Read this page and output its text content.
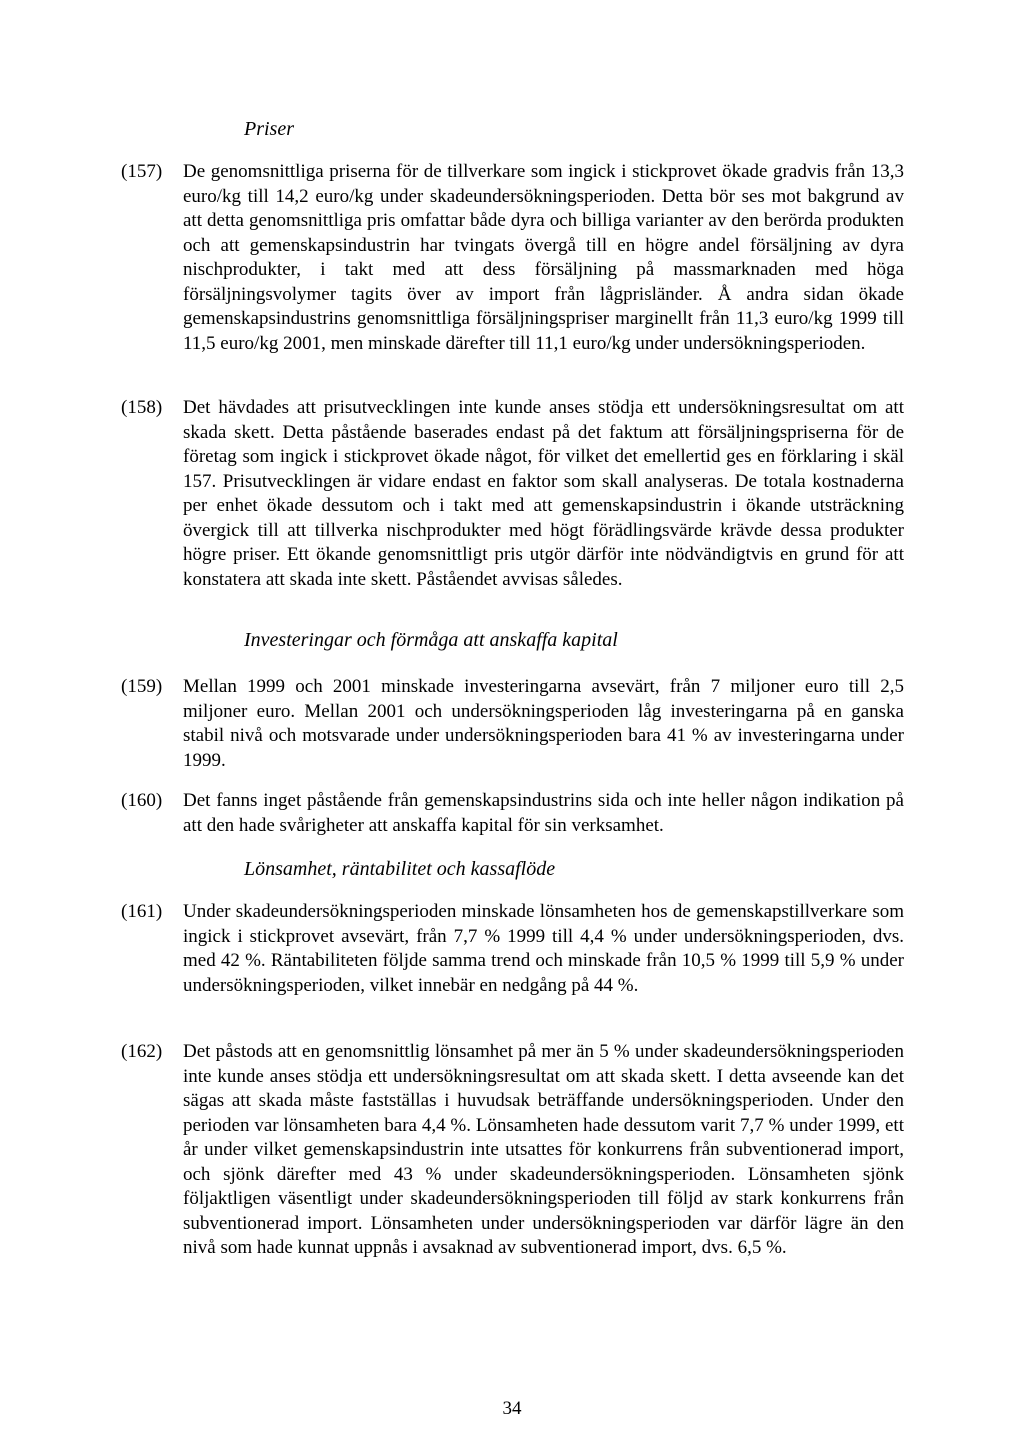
Priser
(157) De genomsnittliga priserna för de tillverkare som ingick i stickprovet ökade gradvis från 13,3 euro/kg till 14,2 euro/kg under skadeundersökningsperioden. Detta bör ses mot bakgrund av att detta genomsnittliga pris omfattar både dyra och billiga varianter av den berörda produkten och att gemenskapsindustrin har tvingats övergå till en högre andel försäljning av dyra nischprodukter, i takt med att dess försäljning på massmarknaden med höga försäljningsvolymer tagits över av import från lågprisländer. Å andra sidan ökade gemenskapsindustrins genomsnittliga försäljningspriser marginellt från 11,3 euro/kg 1999 till 11,5 euro/kg 2001, men minskade därefter till 11,1 euro/kg under undersökningsperioden.
(158) Det hävdades att prisutvecklingen inte kunde anses stödja ett undersökningsresultat om att skada skett. Detta påstående baserades endast på det faktum att försäljningspriserna för de företag som ingick i stickprovet ökade något, för vilket det emellertid ges en förklaring i skäl 157. Prisutvecklingen är vidare endast en faktor som skall analyseras. De totala kostnaderna per enhet ökade dessutom och i takt med att gemenskapsindustrin i ökande utsträckning övergick till att tillverka nischprodukter med högt förädlingsvärde krävde dessa produkter högre priser. Ett ökande genomsnittligt pris utgör därför inte nödvändigtvis en grund för att konstatera att skada inte skett. Påståendet avvisas således.
Investeringar och förmåga att anskaffa kapital
(159) Mellan 1999 och 2001 minskade investeringarna avsevärt, från 7 miljoner euro till 2,5 miljoner euro. Mellan 2001 och undersökningsperioden låg investeringarna på en ganska stabil nivå och motsvarade under undersökningsperioden bara 41 % av investeringarna under 1999.
(160) Det fanns inget påstående från gemenskapsindustrins sida och inte heller någon indikation på att den hade svårigheter att anskaffa kapital för sin verksamhet.
Lönsamhet, räntabilitet och kassaflöde
(161) Under skadeundersökningsperioden minskade lönsamheten hos de gemenskapstillverkare som ingick i stickprovet avsevärt, från 7,7 % 1999 till 4,4 % under undersökningsperioden, dvs. med 42 %. Räntabiliteten följde samma trend och minskade från 10,5 % 1999 till 5,9 % under undersökningsperioden, vilket innebär en nedgång på 44 %.
(162) Det påstods att en genomsnittlig lönsamhet på mer än 5 % under skadeundersökningsperioden inte kunde anses stödja ett undersökningsresultat om att skada skett. I detta avseende kan det sägas att skada måste fastställas i huvudsak beträffande undersökningsperioden. Under den perioden var lönsamheten bara 4,4 %. Lönsamheten hade dessutom varit 7,7 % under 1999, ett år under vilket gemenskapsindustrin inte utsattes för konkurrens från subventionerad import, och sjönk därefter med 43 % under skadeundersökningsperioden. Lönsamheten sjönk följaktligen väsentligt under skadeundersökningsperioden till följd av stark konkurrens från subventionerad import. Lönsamheten under undersökningsperioden var därför lägre än den nivå som hade kunnat uppnås i avsaknad av subventionerad import, dvs. 6,5 %.
34
